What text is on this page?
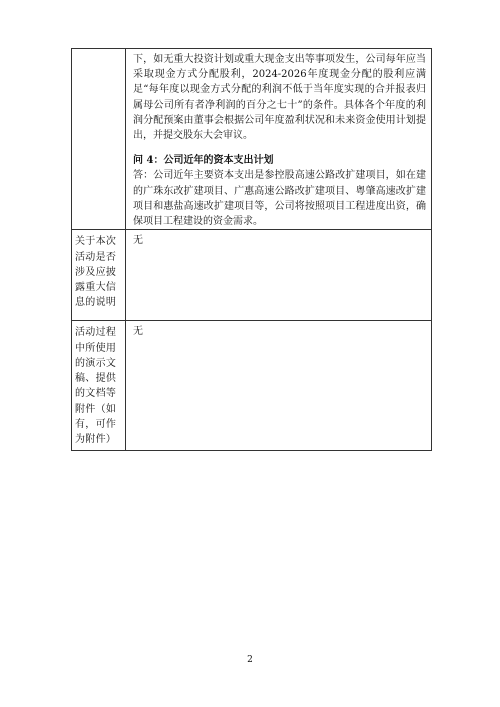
	下，如无重大投资计划或重大现金支出等事项发生，公司每年应当采取现金方式分配股利，2024-2026年度现金分配的股利应满足“每年度以现金方式分配的利润不低于当年度实现的合并报表归属母公司所有者净利润的百分之七十”的条件。具体各个年度的利润分配预案由董事会根据公司年度盈利状况和未来资金使用计划提出，并提交股东大会审议。
问 4：公司近年的资本支出计划
答：公司近年主要资本支出是参控股高速公路改扩建项目，如在建的广珠东改扩建项目、广惠高速公路改扩建项目、粤肇高速改扩建项目和惠盐高速改扩建项目等，公司将按照项目工程进度出资，确保项目工程建设的资金需求。

关于本次活动是否涉及应披露重大信息的说明	无

活动过程中所使用的演示文稿、提供的文档等附件（如有，可作为附件）	无
2
